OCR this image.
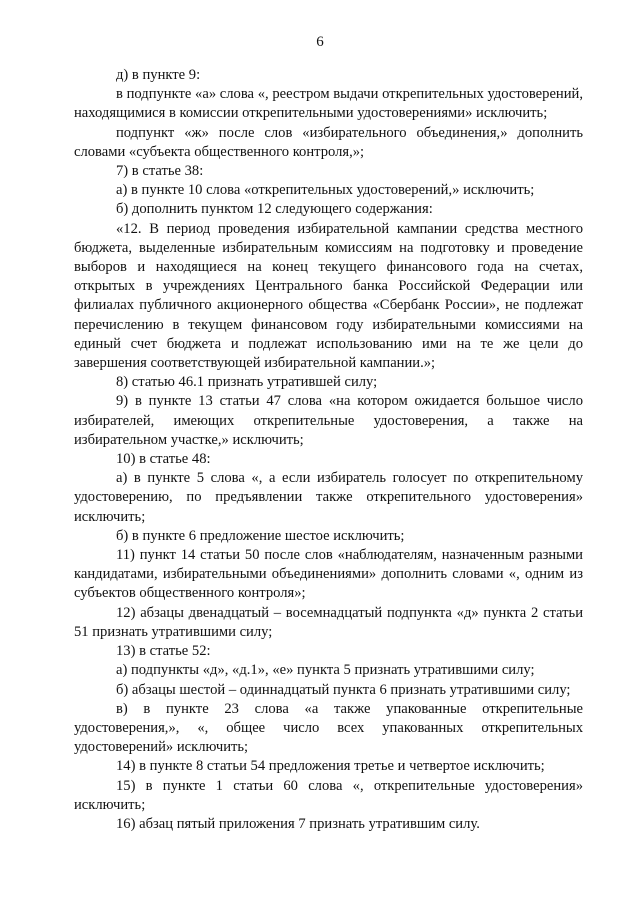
6

д) в пункте 9:

в подпункте «а» слова «, реестром выдачи открепительных удостоверений, находящимися в комиссии открепительными удостоверениями» исключить;

подпункт «ж» после слов «избирательного объединения,» дополнить словами «субъекта общественного контроля,»;

7) в статье 38:

а) в пункте 10 слова «открепительных удостоверений,» исключить;

б) дополнить пунктом 12 следующего содержания:

«12. В период проведения избирательной кампании средства местного бюджета, выделенные избирательным комиссиям на подготовку и проведение выборов и находящиеся на конец текущего финансового года на счетах, открытых в учреждениях Центрального банка Российской Федерации или филиалах публичного акционерного общества «Сбербанк России», не подлежат перечислению в текущем финансовом году избирательными комиссиями на единый счет бюджета и подлежат использованию ими на те же цели до завершения соответствующей избирательной кампании.»;

8) статью 46.1 признать утратившей силу;

9) в пункте 13 статьи 47 слова «на котором ожидается большое число избирателей, имеющих открепительные удостоверения, а также на избирательном участке,» исключить;

10) в статье 48:

а) в пункте 5 слова «, а если избиратель голосует по открепительному удостоверению, по предъявлении также открепительного удостоверения» исключить;

б) в пункте 6 предложение шестое исключить;

11) пункт 14 статьи 50 после слов «наблюдателям, назначенным разными кандидатами, избирательными объединениями» дополнить словами «, одним из субъектов общественного контроля»;

12) абзацы двенадцатый – восемнадцатый подпункта «д» пункта 2 статьи 51 признать утратившими силу;

13) в статье 52:

а) подпункты «д», «д.1», «е» пункта 5 признать утратившими силу;

б) абзацы шестой – одиннадцатый пункта 6 признать утратившими силу;

в) в пункте 23 слова «а также упакованные открепительные удостоверения,», «, общее число всех упакованных открепительных удостоверений» исключить;

14) в пункте 8 статьи 54 предложения третье и четвертое исключить;

15) в пункте 1 статьи 60 слова «, открепительные удостоверения» исключить;

16) абзац пятый приложения 7 признать утратившим силу.
